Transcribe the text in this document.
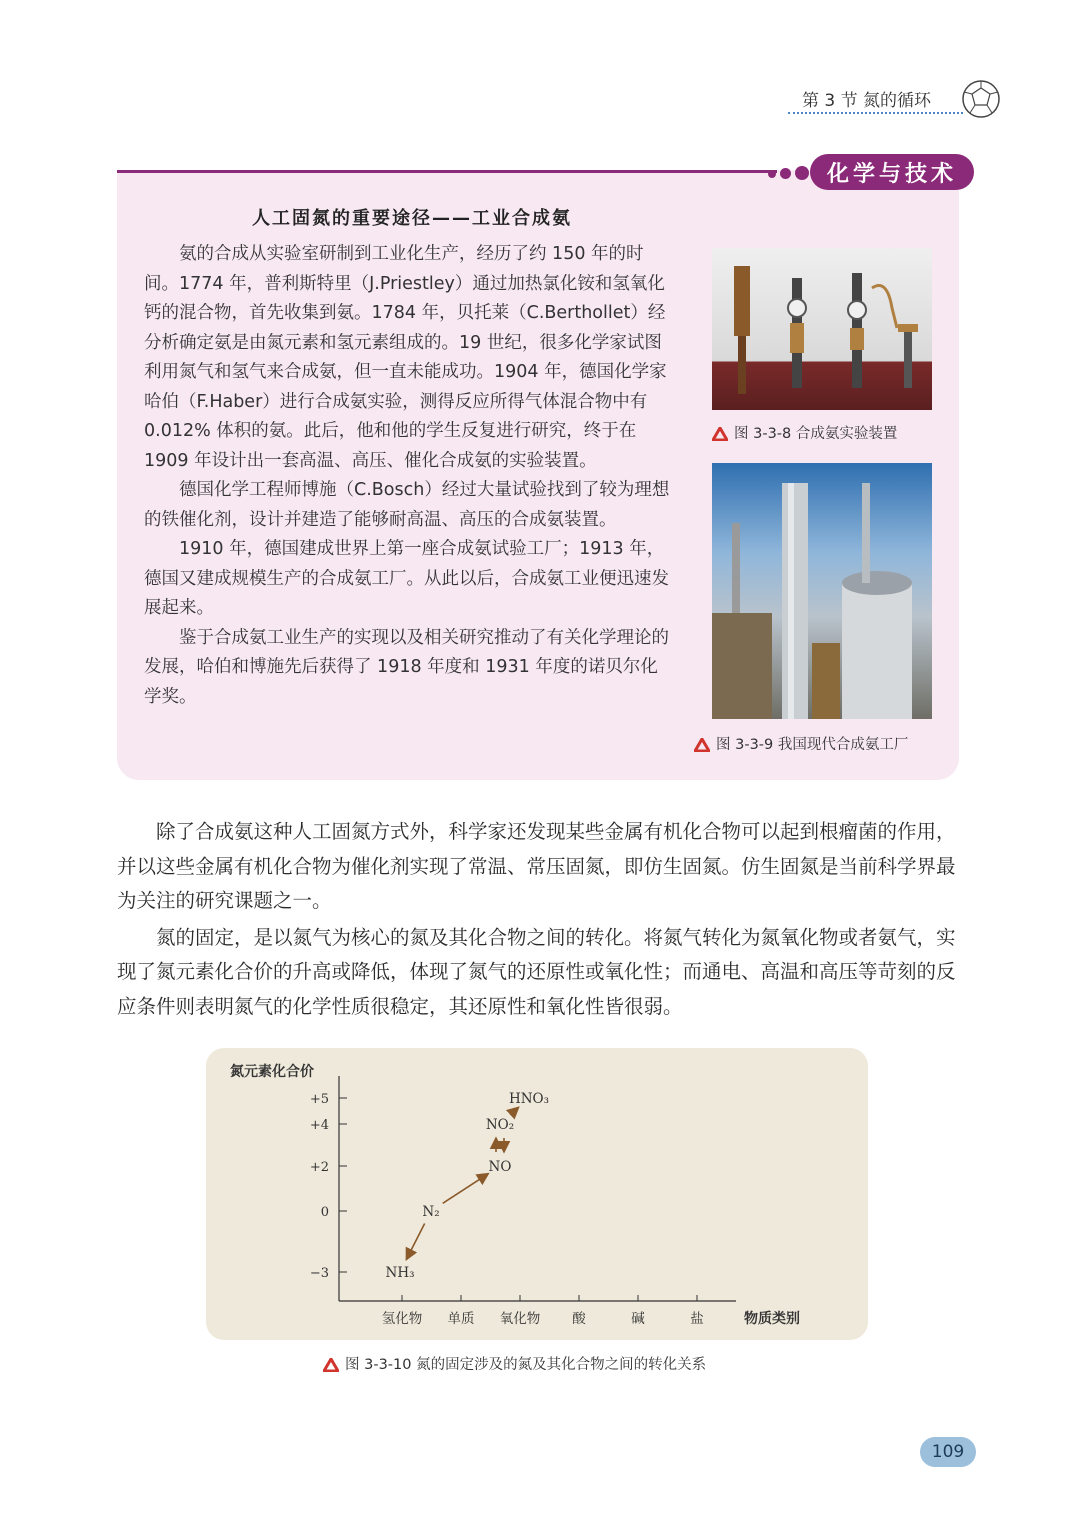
第 3 节 氮的循环
化学与技术
人工固氮的重要途径——工业合成氨

氨的合成从实验室研制到工业化生产，经历了约 150 年的时间。1774 年，普利斯特里（J.Priestley）通过加热氯化铵和氢氧化钙的混合物，首先收集到氨。1784 年，贝托莱（C.Berthollet）经分析确定氨是由氮元素和氢元素组成的。19 世纪，很多化学家试图利用氮气和氢气来合成氨，但一直未能成功。1904 年，德国化学家哈伯（F.Haber）进行合成氨实验，测得反应所得气体混合物中有 0.012% 体积的氨。此后，他和他的学生反复进行研究，终于在 1909 年设计出一套高温、高压、催化合成氨的实验装置。

德国化学工程师博施（C.Bosch）经过大量试验找到了较为理想的铁催化剂，设计并建造了能够耐高温、高压的合成氨装置。

1910 年，德国建成世界上第一座合成氨试验工厂；1913 年，德国又建成规模生产的合成氨工厂。从此以后，合成氨工业便迅速发展起来。

鉴于合成氨工业生产的实现以及相关研究推动了有关化学理论的发展，哈伯和博施先后获得了 1918 年度和 1931 年度的诺贝尔化学奖。

图 3-3-8 合成氨实验装置
图 3-3-9 我国现代合成氨工厂

除了合成氨这种人工固氮方式外，科学家还发现某些金属有机化合物可以起到根瘤菌的作用，并以这些金属有机化合物为催化剂实现了常温、常压固氮，即仿生固氮。仿生固氮是当前科学界最为关注的研究课题之一。

氮的固定，是以氮气为核心的氮及其化合物之间的转化。将氮气转化为氮氧化物或者氨气，实现了氮元素化合价的升高或降低，体现了氮气的还原性或氧化性；而通电、高温和高压等苛刻的反应条件则表明氮气的化学性质很稳定，其还原性和氧化性皆很弱。

氮元素化合价
物质类别
+5
+4
+2
0
−3
氢化物 单质 氧化物 酸	碱	盐
NH₃
N₂
NO
NO₂
HNO₃
图 3-3-10 氮的固定涉及的氮及其化合物之间的转化关系
109
